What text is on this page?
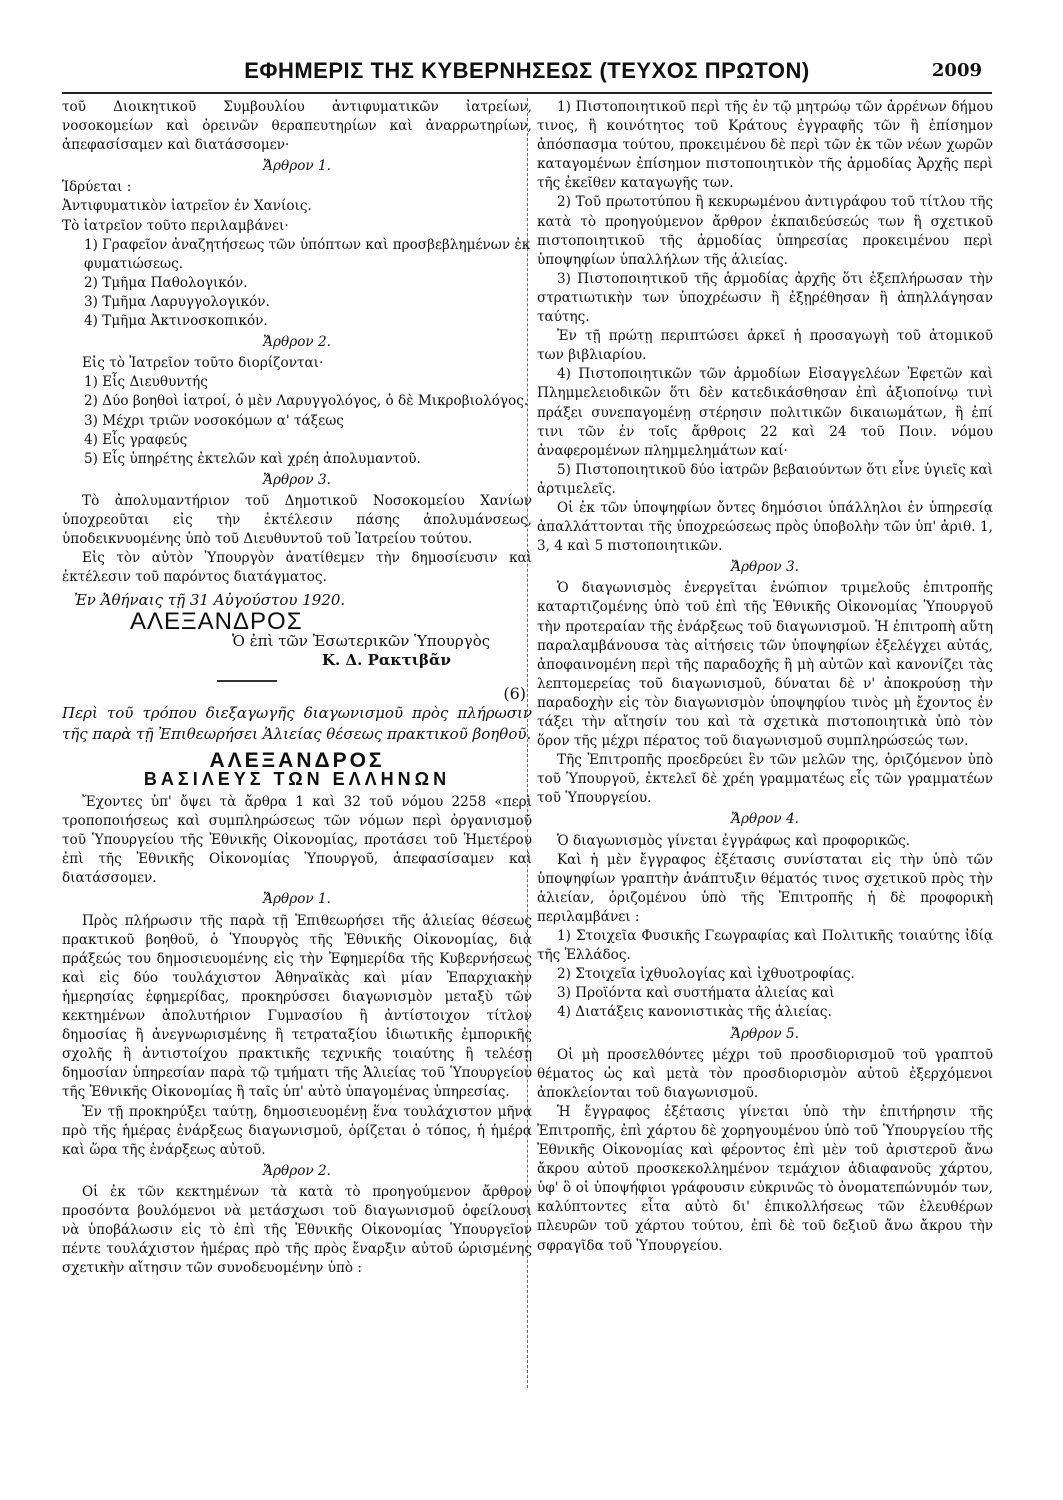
ΕΦΗΜΕΡΙΣ ΤΗΣ ΚΥΒΕΡΝΗΣΕΩΣ (ΤΕΥΧΟΣ ΠΡΩΤΟΝ)	2009

τοῦ Διοικητικοῦ Συμβουλίου ἀντιφυματικῶν ἰατρείων, νοσοκομείων καὶ ὀρεινῶν θεραπευτηρίων καὶ ἀναρρωτηρίων, ἀπεφασίσαμεν καὶ διατάσσομεν·

Ἄρθρον 1.

Ἱδρύεται :

Ἀντιφυματικὸν ἰατρεῖον ἐν Χανίοις.

Τὸ ἰατρεῖον τοῦτο περιλαμβάνει·

1) Γραφεῖον ἀναζητήσεως τῶν ὑπόπτων καὶ προσβεβλημένων ἐκ φυματιώσεως.

2) Τμῆμα Παθολογικόν.

3) Τμῆμα Λαρυγγολογικόν.

4) Τμῆμα Ἀκτινοσκοπικόν.

Ἄρθρον 2.

Εἰς τὸ Ἰατρεῖον τοῦτο διορίζονται·

1) Εἷς Διευθυντής

2) Δύο βοηθοὶ ἰατροί, ὁ μὲν Λαρυγγολόγος, ὁ δὲ Μικροβιολόγος.

3) Μέχρι τριῶν νοσοκόμων α' τάξεως

4) Εἷς γραφεύς

5) Εἷς ὑπηρέτης ἐκτελῶν καὶ χρέη ἀπολυμαντοῦ.

Ἄρθρον 3.

Τὸ ἀπολυμαντήριον τοῦ Δημοτικοῦ Νοσοκομείου Χανίων ὑποχρεοῦται εἰς τὴν ἐκτέλεσιν πάσης ἀπολυμάνσεως, ὑποδεικνυομένης ὑπὸ τοῦ Διευθυντοῦ τοῦ Ἰατρείου τούτου.

Εἰς τὸν αὐτὸν Ὑπουργὸν ἀνατίθεμεν τὴν δημοσίευσιν καὶ ἐκτέλεσιν τοῦ παρόντος διατάγματος.

Ἐν Ἀθήναις τῇ 31 Αὐγούστου 1920.

ΑΛΕΞΑΝΔΡΟΣ

Ὁ ἐπὶ τῶν Ἐσωτερικῶν Ὑπουργὸς

Κ. Δ. Ρακτιβᾶν

(6)

Περὶ τοῦ τρόπου διεξαγωγῆς διαγωνισμοῦ πρὸς πλήρωσιν τῆς παρὰ τῇ Ἐπιθεωρήσει Ἁλιείας θέσεως πρακτικοῦ βοηθοῦ.

ΑΛΕΞΑΝΔΡΟΣ

ΒΑΣΙΛΕΥΣ ΤΩΝ ΕΛΛΗΝΩΝ

Ἔχοντες ὑπ' ὄψει τὰ ἄρθρα 1 καὶ 32 τοῦ νόμου 2258 «περὶ τροποποιήσεως καὶ συμπληρώσεως τῶν νόμων περὶ ὀργανισμοῦ τοῦ Ὑπουργείου τῆς Ἐθνικῆς Οἰκονομίας, προτάσει τοῦ Ἡμετέρου ἐπὶ τῆς Ἐθνικῆς Οἰκονομίας Ὑπουργοῦ, ἀπεφασίσαμεν καὶ διατάσσομεν.

Ἄρθρον 1.

Πρὸς πλήρωσιν τῆς παρὰ τῇ Ἐπιθεωρήσει τῆς ἁλιείας θέσεως πρακτικοῦ βοηθοῦ, ὁ Ὑπουργὸς τῆς Ἐθνικῆς Οἰκονομίας, διὰ πράξεώς του δημοσιευομένης εἰς τὴν Ἐφημερίδα τῆς Κυβερνήσεως καὶ εἰς δύο τουλάχιστον Ἀθηναϊκὰς καὶ μίαν Ἐπαρχιακὴν ἡμερησίας ἐφημερίδας, προκηρύσσει διαγωνισμὸν μεταξὺ τῶν κεκτημένων ἀπολυτήριον Γυμνασίου ἢ ἀντίστοιχον τίτλον δημοσίας ἢ ἀνεγνωρισμένης ἢ τετραταξίου ἰδιωτικῆς ἐμπορικῆς σχολῆς ἢ ἀντιστοίχου πρακτικῆς τεχνικῆς τοιαύτης ἢ τελέσῃ δημοσίαν ὑπηρεσίαν παρὰ τῷ τμήματι τῆς Ἁλιείας τοῦ Ὑπουργείου τῆς Ἐθνικῆς Οἰκονομίας ἢ ταῖς ὑπ' αὐτὸ ὑπαγομένας ὑπηρεσίας.

Ἐν τῇ προκηρύξει ταύτῃ, δημοσιευομένῃ ἕνα τουλάχιστον μῆνα πρὸ τῆς ἡμέρας ἐνάρξεως διαγωνισμοῦ, ὁρίζεται ὁ τόπος, ἡ ἡμέρα καὶ ὥρα τῆς ἐνάρξεως αὐτοῦ.

Ἄρθρον 2.

Οἱ ἐκ τῶν κεκτημένων τὰ κατὰ τὸ προηγούμενον ἄρθρον προσόντα βουλόμενοι νὰ μετάσχωσι τοῦ διαγωνισμοῦ ὀφείλουσι νὰ ὑποβάλωσιν εἰς τὸ ἐπὶ τῆς Ἐθνικῆς Οἰκονομίας Ὑπουργεῖον πέντε τουλάχιστον ἡμέρας πρὸ τῆς πρὸς ἔναρξιν αὐτοῦ ὡρισμένης σχετικὴν αἴτησιν τῶν συνοδευομένην ὑπὸ :

1) Πιστοποιητικοῦ περὶ τῆς ἐν τῷ μητρώῳ τῶν ἀρρένων δήμου τινος, ἢ κοινότητος τοῦ Κράτους ἐγγραφῆς τῶν ἢ ἐπίσημον ἀπόσπασμα τούτου, προκειμένου δὲ περὶ τῶν ἐκ τῶν νέων χωρῶν καταγομένων ἐπίσημον πιστοποιητικὸν τῆς ἁρμοδίας Ἀρχῆς περὶ τῆς ἐκεῖθεν καταγωγῆς των.

2) Τοῦ πρωτοτύπου ἢ κεκυρωμένου ἀντιγράφου τοῦ τίτλου τῆς κατὰ τὸ προηγούμενον ἄρθρον ἐκπαιδεύσεώς των ἢ σχετικοῦ πιστοποιητικοῦ τῆς ἁρμοδίας ὑπηρεσίας προκειμένου περὶ ὑποψηφίων ὑπαλλήλων τῆς ἁλιείας.

3) Πιστοποιητικοῦ τῆς ἁρμοδίας ἀρχῆς ὅτι ἐξεπλήρωσαν τὴν στρατιωτικὴν των ὑποχρέωσιν ἢ ἐξῃρέθησαν ἢ ἀπηλλάγησαν ταύτης.

Ἐν τῇ πρώτῃ περιπτώσει ἀρκεῖ ἡ προσαγωγὴ τοῦ ἀτομικοῦ των βιβλιαρίου.

4) Πιστοποιητικῶν τῶν ἁρμοδίων Εἰσαγγελέων Ἐφετῶν καὶ Πλημμελειοδικῶν ὅτι δὲν κατεδικάσθησαν ἐπὶ ἀξιοποίνῳ τινὶ πράξει συνεπαγομένῃ στέρησιν πολιτικῶν δικαιωμάτων, ἢ ἐπί τινι τῶν ἐν τοῖς ἄρθροις 22 καὶ 24 τοῦ Ποιν. νόμου ἀναφερομένων πλημμελημάτων καί·

5) Πιστοποιητικοῦ δύο ἰατρῶν βεβαιούντων ὅτι εἶνε ὑγιεῖς καὶ ἀρτιμελεῖς.

Οἱ ἐκ τῶν ὑποψηφίων ὄντες δημόσιοι ὑπάλληλοι ἐν ὑπηρεσίᾳ ἀπαλλάττονται τῆς ὑποχρεώσεως πρὸς ὑποβολὴν τῶν ὑπ' ἀριθ. 1, 3, 4 καὶ 5 πιστοποιητικῶν.

Ἄρθρον 3.

Ὁ διαγωνισμὸς ἐνεργεῖται ἐνώπιον τριμελοῦς ἐπιτροπῆς καταρτιζομένης ὑπὸ τοῦ ἐπὶ τῆς Ἐθνικῆς Οἰκονομίας Ὑπουργοῦ τὴν προτεραίαν τῆς ἐνάρξεως τοῦ διαγωνισμοῦ. Ἡ ἐπιτροπὴ αὕτη παραλαμβάνουσα τὰς αἰτήσεις τῶν ὑποψηφίων ἐξελέγχει αὐτάς, ἀποφαινομένη περὶ τῆς παραδοχῆς ἢ μὴ αὐτῶν καὶ κανονίζει τὰς λεπτομερείας τοῦ διαγωνισμοῦ, δύναται δὲ ν' ἀποκρούσῃ τὴν παραδοχὴν εἰς τὸν διαγωνισμὸν ὑποψηφίου τινὸς μὴ ἔχοντος ἐν τάξει τὴν αἴτησίν του καὶ τὰ σχετικὰ πιστοποιητικὰ ὑπὸ τὸν ὅρον τῆς μέχρι πέρατος τοῦ διαγωνισμοῦ συμπληρώσεώς των.

Τῆς Ἐπιτροπῆς προεδρεύει ἓν τῶν μελῶν της, ὁριζόμενον ὑπὸ τοῦ Ὑπουργοῦ, ἐκτελεῖ δὲ χρέη γραμματέως εἷς τῶν γραμματέων τοῦ Ὑπουργείου.

Ἄρθρον 4.

Ὁ διαγωνισμὸς γίνεται ἐγγράφως καὶ προφορικῶς.

Καὶ ἡ μὲν ἔγγραφος ἐξέτασις συνίσταται εἰς τὴν ὑπὸ τῶν ὑποψηφίων γραπτὴν ἀνάπτυξιν θέματός τινος σχετικοῦ πρὸς τὴν ἁλιείαν, ὁριζομένου ὑπὸ τῆς Ἐπιτροπῆς ἡ δὲ προφορικὴ περιλαμβάνει :

1) Στοιχεῖα Φυσικῆς Γεωγραφίας καὶ Πολιτικῆς τοιαύτης ἰδίᾳ τῆς Ἑλλάδος.

2) Στοιχεῖα ἰχθυολογίας καὶ ἰχθυοτροφίας.

3) Προϊόντα καὶ συστήματα ἁλιείας καὶ

4) Διατάξεις κανονιστικὰς τῆς ἁλιείας.

Ἄρθρον 5.

Οἱ μὴ προσελθόντες μέχρι τοῦ προσδιορισμοῦ τοῦ γραπτοῦ θέματος ὡς καὶ μετὰ τὸν προσδιορισμὸν αὐτοῦ ἐξερχόμενοι ἀποκλείονται τοῦ διαγωνισμοῦ.

Ἡ ἔγγραφος ἐξέτασις γίνεται ὑπὸ τὴν ἐπιτήρησιν τῆς Ἐπιτροπῆς, ἐπὶ χάρτου δὲ χορηγουμένου ὑπὸ τοῦ Ὑπουργείου τῆς Ἐθνικῆς Οἰκονομίας καὶ φέροντος ἐπὶ μὲν τοῦ ἀριστεροῦ ἄνω ἄκρου αὐτοῦ προσκεκολλημένον τεμάχιον ἀδιαφανοῦς χάρτου, ὑφ' ὃ οἱ ὑποψήφιοι γράφουσιν εὐκρινῶς τὸ ὀνοματεπώνυμόν των, καλύπτοντες εἶτα αὐτὸ δι' ἐπικολλήσεως τῶν ἐλευθέρων πλευρῶν τοῦ χάρτου τούτου, ἐπὶ δὲ τοῦ δεξιοῦ ἄνω ἄκρου τὴν σφραγῖδα τοῦ Ὑπουργείου.
